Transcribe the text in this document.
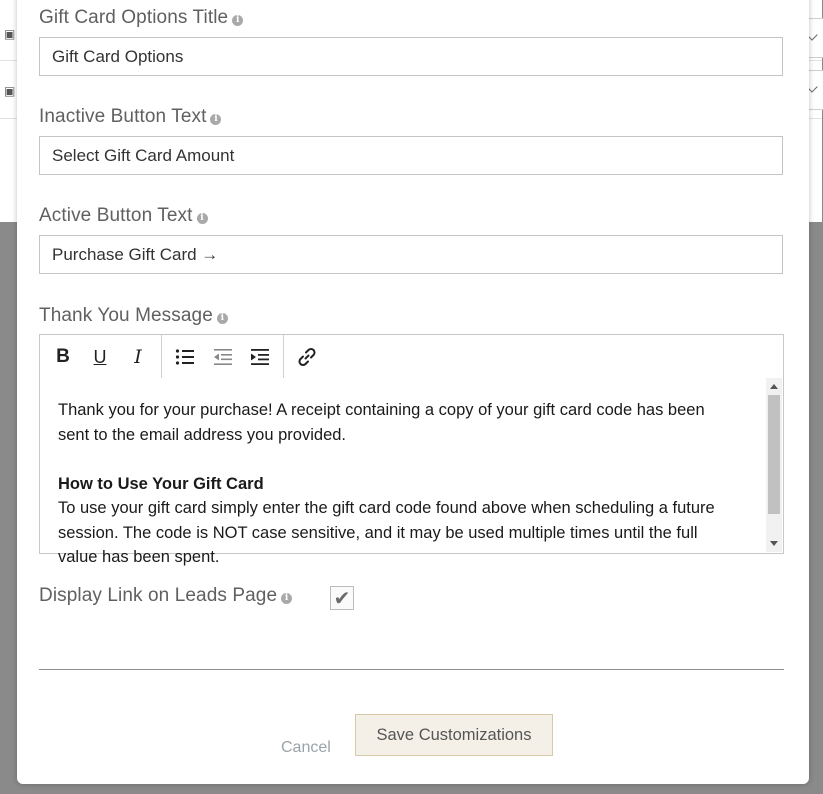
▣
▣
Gift Card Options Title i
Gift Card Options
Inactive Button Text i
Select Gift Card Amount
Active Button Text i
Purchase Gift Card →
Thank You Message i
B	U	I

Thank you for your purchase! A receipt containing a copy of your gift card code has been sent to the email address you provided.

How to Use Your Gift Card

To use your gift card simply enter the gift card code found above when scheduling a future session. The code is NOT case sensitive, and it may be used multiple times until the full value has been spent.

Display Link on Leads Page i ✔
Cancel
Save Customizations
